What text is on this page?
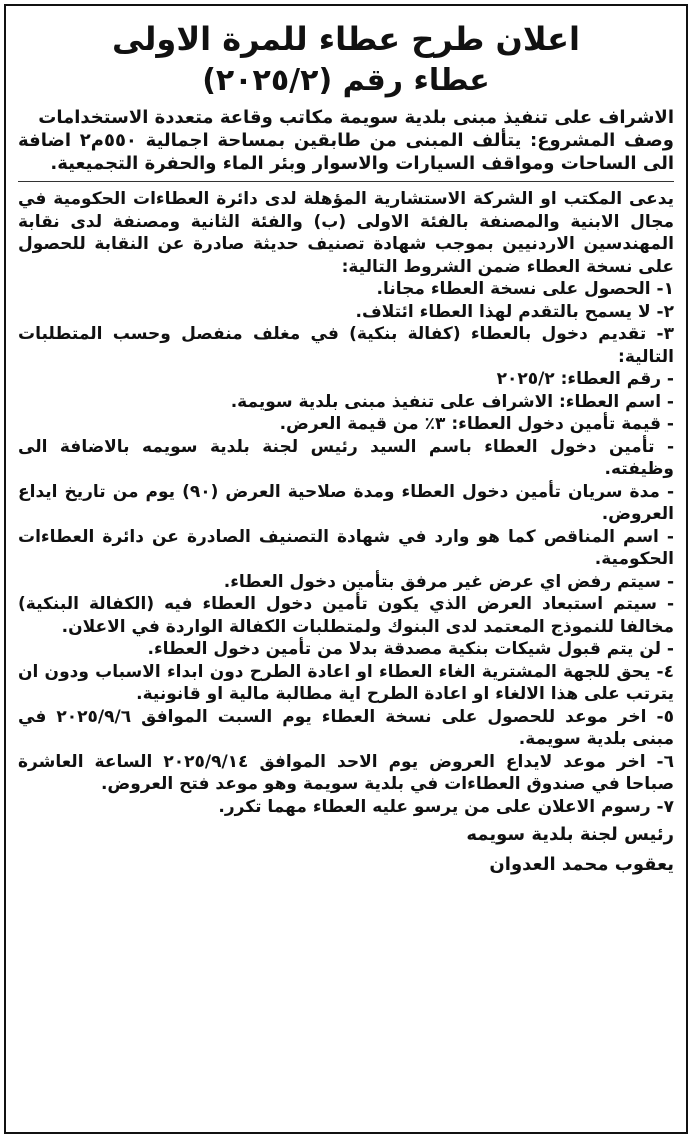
اعلان طرح عطاء للمرة الاولى
عطاء رقم (٢٠٢٥/٢)
الاشراف على تنفيذ مبنى بلدية سويمة مكاتب وقاعة متعددة الاستخدامات
وصف المشروع: يتألف المبنى من طابقين بمساحة اجمالية ٥٥٠م٢ اضافة الى الساحات ومواقف السيارات والاسوار وبئر الماء والحفرة التجميعية.

يدعى المكتب او الشركة الاستشارية المؤهلة لدى دائرة العطاءات الحكومية في مجال الابنية والمصنفة بالفئة الاولى (ب) والفئة الثانية ومصنفة لدى نقابة المهندسين الاردنيين بموجب شهادة تصنيف حديثة صادرة عن النقابة للحصول على نسخة العطاء ضمن الشروط التالية:

١- الحصول على نسخة العطاء مجانا.

٢- لا يسمح بالتقدم لهذا العطاء ائتلاف.

٣- تقديم دخول بالعطاء (كفالة بنكية) في مغلف منفصل وحسب المتطلبات التالية:

- رقم العطاء: ٢٠٢٥/٢

- اسم العطاء: الاشراف على تنفيذ مبنى بلدية سويمة.

- قيمة تأمين دخول العطاء: ٣٪ من قيمة العرض.

- تأمين دخول العطاء باسم السيد رئيس لجنة بلدية سويمه بالاضافة الى وظيفته.

- مدة سريان تأمين دخول العطاء ومدة صلاحية العرض (٩٠) يوم من تاريخ ايداع العروض.

- اسم المناقص كما هو وارد في شهادة التصنيف الصادرة عن دائرة العطاءات الحكومية.

- سيتم رفض اي عرض غير مرفق بتأمين دخول العطاء.

- سيتم استبعاد العرض الذي يكون تأمين دخول العطاء فيه (الكفالة البنكية) مخالفا للنموذج المعتمد لدى البنوك ولمتطلبات الكفالة الواردة في الاعلان.

- لن يتم قبول شيكات بنكية مصدقة بدلا من تأمين دخول العطاء.

٤- يحق للجهة المشترية الغاء العطاء او اعادة الطرح دون ابداء الاسباب ودون ان يترتب على هذا الالغاء او اعادة الطرح اية مطالبة مالية او قانونية.

٥- اخر موعد للحصول على نسخة العطاء يوم السبت الموافق ٢٠٢٥/٩/٦ في مبنى بلدية سويمة.

٦- اخر موعد لايداع العروض يوم الاحد الموافق ٢٠٢٥/٩/١٤ الساعة العاشرة صباحا في صندوق العطاءات في بلدية سويمة وهو موعد فتح العروض.

٧- رسوم الاعلان على من يرسو عليه العطاء مهما تكرر.

رئيس لجنة بلدية سويمه
يعقوب محمد العدوان
